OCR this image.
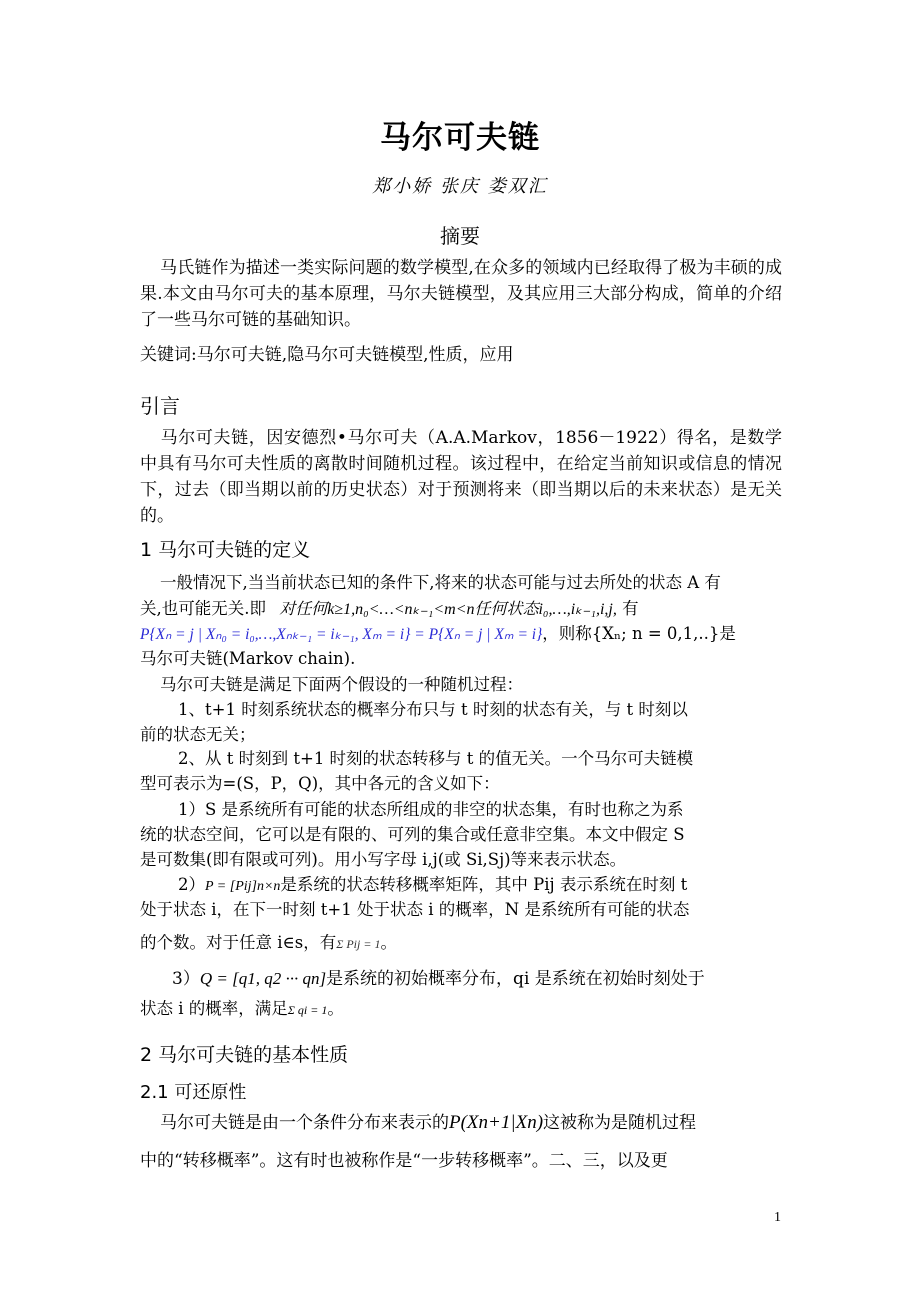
马尔可夫链
郑小娇 张庆 娄双汇
摘要
马氏链作为描述一类实际问题的数学模型,在众多的领域内已经取得了极为丰硕的成果.本文由马尔可夫的基本原理，马尔夫链模型，及其应用三大部分构成，简单的介绍了一些马尔可链的基础知识。
关键词:马尔可夫链,隐马尔可夫链模型,性质，应用
引言
马尔可夫链，因安德烈•马尔可夫（A.A.Markov，1856－1922）得名，是数学中具有马尔可夫性质的离散时间随机过程。该过程中，在给定当前知识或信息的情况下，过去（即当期以前的历史状态）对于预测将来（即当期以后的未来状态）是无关的。
1 马尔可夫链的定义
一般情况下,当当前状态已知的条件下,将来的状态可能与过去所处的状态 A 有
关,也可能无关.即 对任何k≥1,n₀<…<nₖ₋₁<m<n任何状态i₀,…,iₖ₋₁,i,j, 有
P{Xₙ = j | Xₙ₀ = i₀,…,Xₙₖ₋₁ = iₖ₋₁, Xₘ = i} = P{Xₙ = j | Xₘ = i}，则称{Xₙ; n = 0,1,..}是
马尔可夫链(Markov chain).
马尔可夫链是满足下面两个假设的一种随机过程：
1、t+1 时刻系统状态的概率分布只与 t 时刻的状态有关，与 t 时刻以
前的状态无关；
2、从 t 时刻到 t+1 时刻的状态转移与 t 的值无关。一个马尔可夫链模
型可表示为=(S，P，Q)，其中各元的含义如下：
1）S 是系统所有可能的状态所组成的非空的状态集，有时也称之为系
统的状态空间，它可以是有限的、可列的集合或任意非空集。本文中假定 S
是可数集(即有限或可列)。用小写字母 i,j(或 Si,Sj)等来表示状态。
2）P = [Pij]n×n是系统的状态转移概率矩阵，其中 Pij 表示系统在时刻 t
处于状态 i，在下一时刻 t+1 处于状态 i 的概率，N 是系统所有可能的状态
的个数。对于任意 i∈s，有Σ Pij = 1。
3）Q = [q1, q2 ··· qn]是系统的初始概率分布，qi 是系统在初始时刻处于
状态 i 的概率，满足Σ qi = 1。
2 马尔可夫链的基本性质
2.1 可还原性
马尔可夫链是由一个条件分布来表示的P(Xn+1|Xn)这被称为是随机过程
中的“转移概率”。这有时也被称作是“一步转移概率”。二、三，以及更
1
